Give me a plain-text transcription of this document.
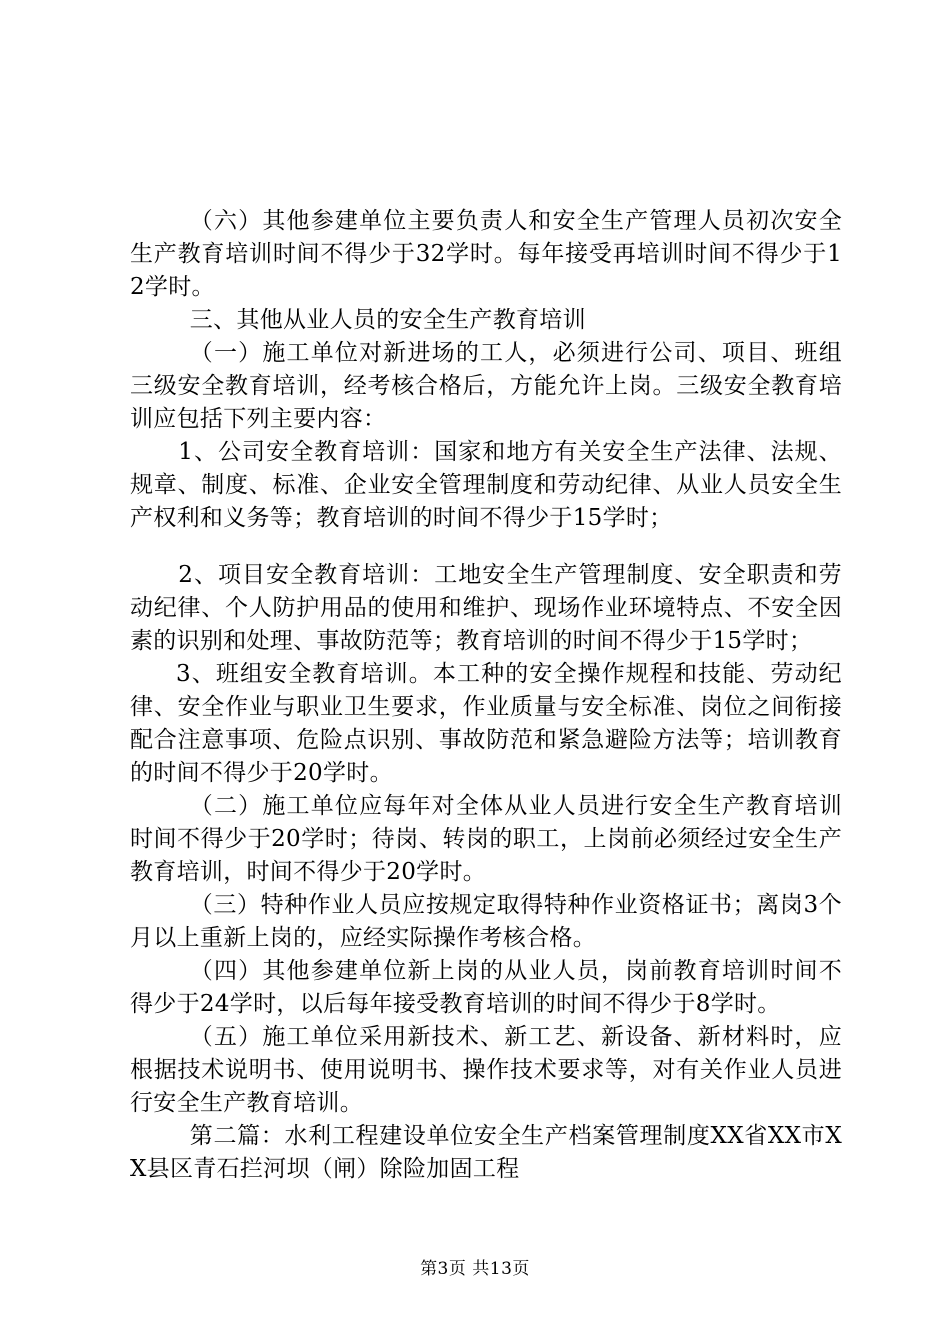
（六）其他参建单位主要负责人和安全生产管理人员初次安全生产教育培训时间不得少于32学时。每年接受再培训时间不得少于12学时。

三、其他从业人员的安全生产教育培训

（一）施工单位对新进场的工人，必须进行公司、项目、班组三级安全教育培训，经考核合格后，方能允许上岗。三级安全教育培训应包括下列主要内容：

1、公司安全教育培训：国家和地方有关安全生产法律、法规、规章、制度、标准、企业安全管理制度和劳动纪律、从业人员安全生产权利和义务等；教育培训的时间不得少于15学时；

2、项目安全教育培训：工地安全生产管理制度、安全职责和劳动纪律、个人防护用品的使用和维护、现场作业环境特点、不安全因素的识别和处理、事故防范等；教育培训的时间不得少于15学时；

3、班组安全教育培训。本工种的安全操作规程和技能、劳动纪律、安全作业与职业卫生要求，作业质量与安全标准、岗位之间衔接配合注意事项、危险点识别、事故防范和紧急避险方法等；培训教育的时间不得少于20学时。

（二）施工单位应每年对全体从业人员进行安全生产教育培训时间不得少于20学时；待岗、转岗的职工，上岗前必须经过安全生产教育培训，时间不得少于20学时。

（三）特种作业人员应按规定取得特种作业资格证书；离岗3个月以上重新上岗的，应经实际操作考核合格。

（四）其他参建单位新上岗的从业人员，岗前教育培训时间不得少于24学时，以后每年接受教育培训的时间不得少于8学时。

（五）施工单位采用新技术、新工艺、新设备、新材料时，应根据技术说明书、使用说明书、操作技术要求等，对有关作业人员进行安全生产教育培训。

第二篇：水利工程建设单位安全生产档案管理制度XX省XX市XX县区青石拦河坝（闸）除险加固工程

第3页 共13页
